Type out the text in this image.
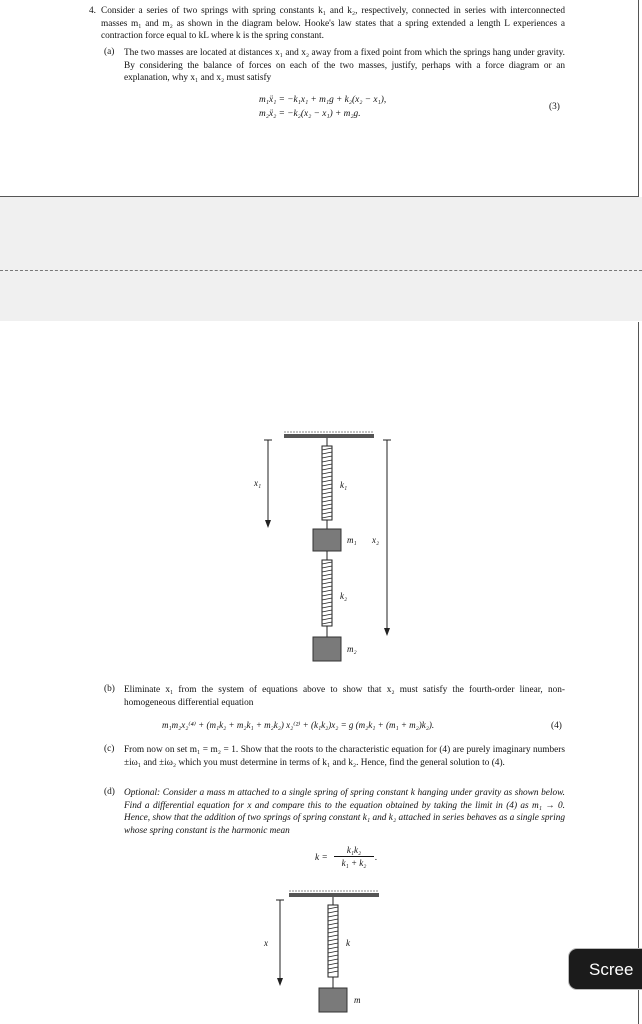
4. Consider a series of two springs with spring constants k₁ and k₂, respectively, connected in series with interconnected masses m₁ and m₂ as shown in the diagram below. Hooke's law states that a spring extended a length L experiences a contraction force equal to kL where k is the spring constant.
(a) The two masses are located at distances x₁ and x₂ away from a fixed point from which the springs hang under gravity. By considering the balance of forces on each of the two masses, justify, perhaps with a force diagram or an explanation, why x₁ and x₂ must satisfy
m₁ẍ₁ = −k₁x₁ + m₁g + k₂(x₂ − x₁),
m₂ẍ₂ = −k₂(x₂ − x₁) + m₂g.
(3)
x₁	k₁
m₁ x₂
k₂
m₂
x	k
m
(b) Eliminate x₁ from the system of equations above to show that x₂ must satisfy the fourth-order linear, non-homogeneous differential equation
m₁m₂x₂⁽⁴⁾ + (m₁k₂ + m₂k₁ + m₂k₂) x₂⁽²⁾ + (k₁k₂)x₂ = g (m₂k₁ + (m₁ + m₂)k₂).	(4)
(c) From now on set m₁ = m₂ = 1. Show that the roots to the characteristic equation for (4) are purely imaginary numbers ±iω₁ and ±iω₂ which you must determine in terms of k₁ and k₂. Hence, find the general solution to (4).
(d) Optional: Consider a mass m attached to a single spring of spring constant k hanging under gravity as shown below. Find a differential equation for x and compare this to the equation obtained by taking the limit in (4) as m₁ → 0. Hence, show that the addition of two springs of spring constant k₁ and k₂ attached in series behaves as a single spring whose spring constant is the harmonic mean
k =
k₁k₂
k₁ + k₂ .
Scree
